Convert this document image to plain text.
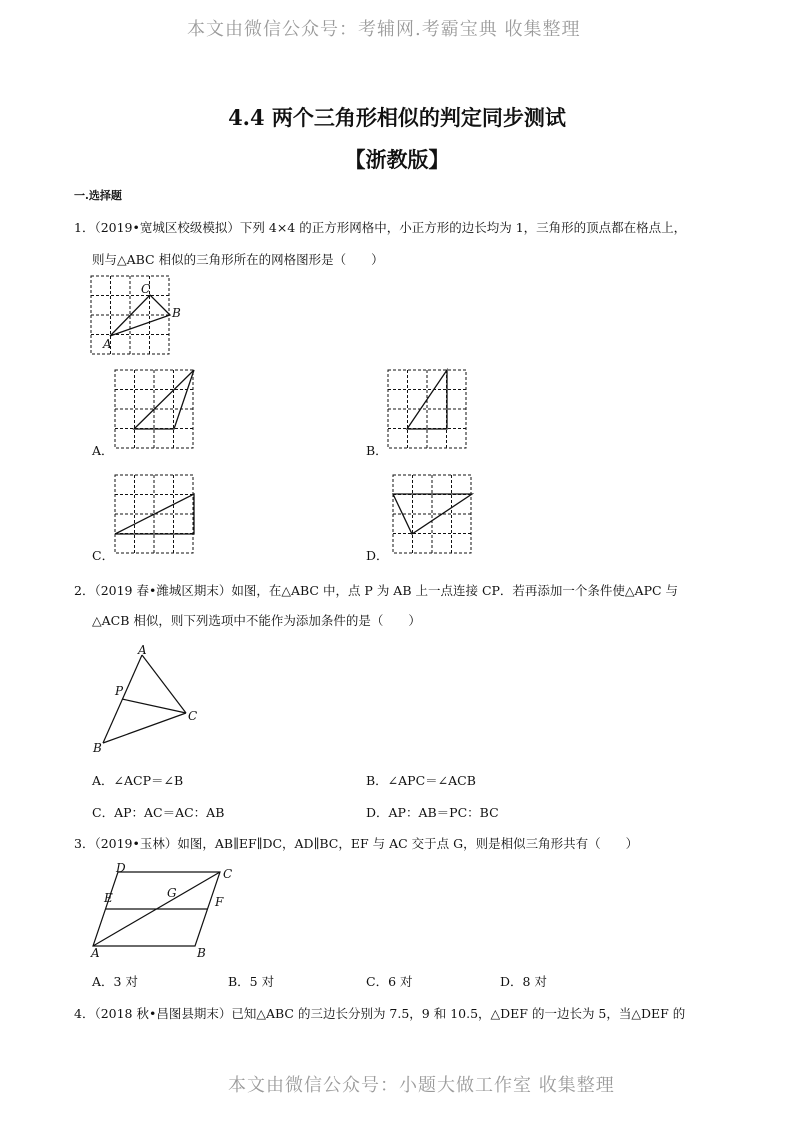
本文由微信公众号：考辅网.考霸宝典 收集整理
4.4 两个三角形相似的判定同步测试
【浙教版】
一.选择题
1．（2019•宽城区校级模拟）下列 4×4 的正方形网格中，小正方形的边长均为 1，三角形的顶点都在格点上，
则与△ABC 相似的三角形所在的网格图形是（　　）
A
C
B
A．	B．
C．	D．
2．（2019 春•潍城区期末）如图，在△ABC 中，点 P 为 AB 上一点连接 CP．若再添加一个条件使△APC 与
△ACB 相似，则下列选项中不能作为添加条件的是（　　）
A
P
C
B
A．∠ACP＝∠B	B．∠APC＝∠ACB
C．AP：AC＝AC：AB	D．AP：AB＝PC：BC
3．（2019•玉林）如图，AB∥EF∥DC，AD∥BC，EF 与 AC 交于点 G，则是相似三角形共有（　　）
D	C
E	G
F
A	B
A．3 对	B．5 对	C．6 对	D．8 对
4．（2018 秋•昌图县期末）已知△ABC 的三边长分别为 7.5，9 和 10.5，△DEF 的一边长为 5，当△DEF 的
本文由微信公众号：小题大做工作室 收集整理
